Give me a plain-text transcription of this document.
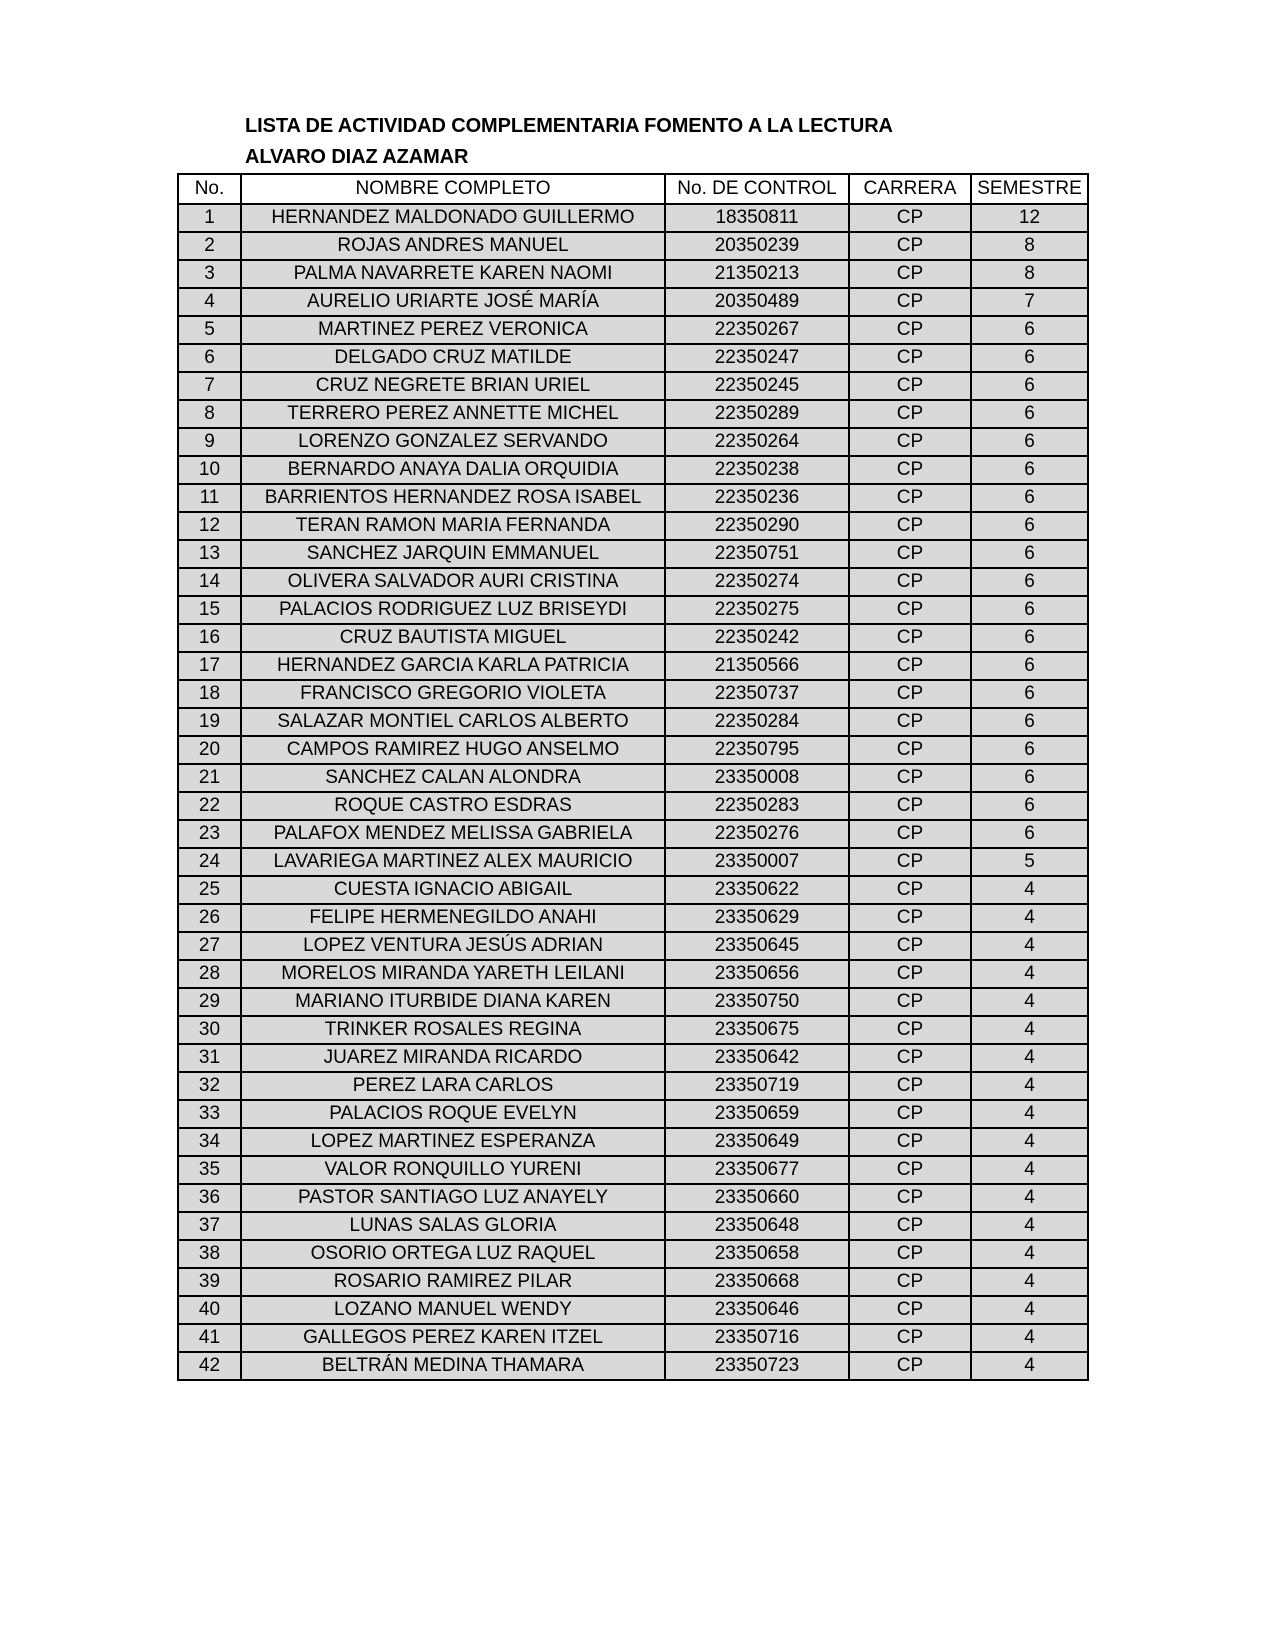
LISTA DE ACTIVIDAD COMPLEMENTARIA FOMENTO A LA LECTURA
ALVARO DIAZ AZAMAR
No.	NOMBRE COMPLETO	No. DE CONTROL	CARRERA	SEMESTRE
1	HERNANDEZ MALDONADO GUILLERMO	18350811	CP	12
2	ROJAS ANDRES MANUEL	20350239	CP	8
3	PALMA NAVARRETE KAREN NAOMI	21350213	CP	8
4	AURELIO URIARTE JOSÉ MARÍA	20350489	CP	7
5	MARTINEZ PEREZ VERONICA	22350267	CP	6
6	DELGADO CRUZ MATILDE	22350247	CP	6
7	CRUZ NEGRETE BRIAN URIEL	22350245	CP	6
8	TERRERO PEREZ ANNETTE MICHEL	22350289	CP	6
9	LORENZO GONZALEZ SERVANDO	22350264	CP	6
10	BERNARDO ANAYA DALIA ORQUIDIA	22350238	CP	6
11	BARRIENTOS HERNANDEZ ROSA ISABEL	22350236	CP	6
12	TERAN RAMON MARIA FERNANDA	22350290	CP	6
13	SANCHEZ JARQUIN EMMANUEL	22350751	CP	6
14	OLIVERA SALVADOR AURI CRISTINA	22350274	CP	6
15	PALACIOS RODRIGUEZ LUZ BRISEYDI	22350275	CP	6
16	CRUZ BAUTISTA MIGUEL	22350242	CP	6
17	HERNANDEZ GARCIA KARLA PATRICIA	21350566	CP	6
18	FRANCISCO GREGORIO VIOLETA	22350737	CP	6
19	SALAZAR MONTIEL CARLOS ALBERTO	22350284	CP	6
20	CAMPOS RAMIREZ HUGO ANSELMO	22350795	CP	6
21	SANCHEZ CALAN ALONDRA	23350008	CP	6
22	ROQUE CASTRO ESDRAS	22350283	CP	6
23	PALAFOX MENDEZ MELISSA GABRIELA	22350276	CP	6
24	LAVARIEGA MARTINEZ ALEX MAURICIO	23350007	CP	5
25	CUESTA IGNACIO ABIGAIL	23350622	CP	4
26	FELIPE HERMENEGILDO ANAHI	23350629	CP	4
27	LOPEZ VENTURA JESÚS ADRIAN	23350645	CP	4
28	MORELOS MIRANDA YARETH LEILANI	23350656	CP	4
29	MARIANO ITURBIDE DIANA KAREN	23350750	CP	4
30	TRINKER ROSALES REGINA	23350675	CP	4
31	JUAREZ MIRANDA RICARDO	23350642	CP	4
32	PEREZ LARA CARLOS	23350719	CP	4
33	PALACIOS ROQUE EVELYN	23350659	CP	4
34	LOPEZ MARTINEZ ESPERANZA	23350649	CP	4
35	VALOR RONQUILLO YURENI	23350677	CP	4
36	PASTOR SANTIAGO LUZ ANAYELY	23350660	CP	4
37	LUNAS SALAS GLORIA	23350648	CP	4
38	OSORIO ORTEGA LUZ RAQUEL	23350658	CP	4
39	ROSARIO RAMIREZ PILAR	23350668	CP	4
40	LOZANO MANUEL WENDY	23350646	CP	4
41	GALLEGOS PEREZ KAREN ITZEL	23350716	CP	4
42	BELTRÁN MEDINA THAMARA	23350723	CP	4
